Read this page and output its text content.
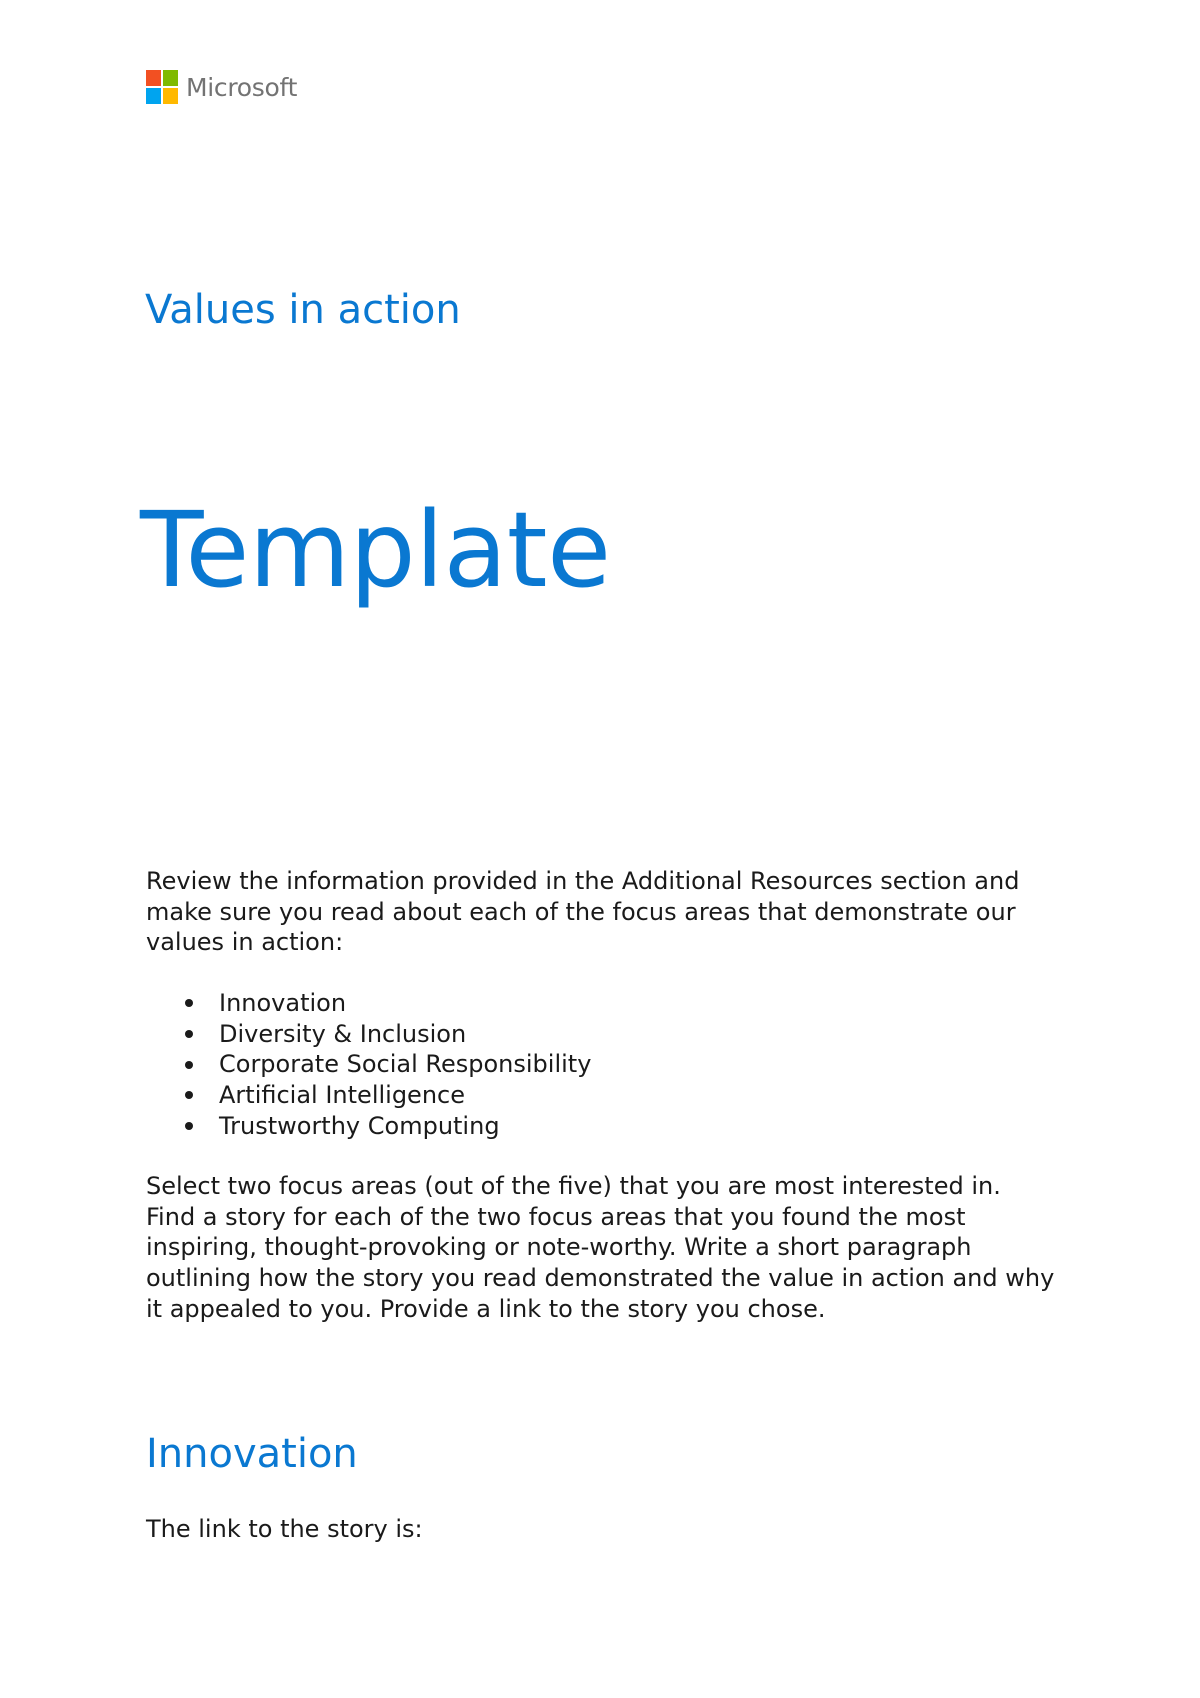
Microsoft
Values in action
Template

Review the information provided in the Additional Resources section and make sure you read about each of the focus areas that demonstrate our values in action:

Innovation
Diversity & Inclusion
Corporate Social Responsibility
Artificial Intelligence
Trustworthy Computing

Select two focus areas (out of the five) that you are most interested in. Find a story for each of the two focus areas that you found the most inspiring, thought-provoking or note-worthy. Write a short paragraph outlining how the story you read demonstrated the value in action and why it appealed to you. Provide a link to the story you chose.

Innovation

The link to the story is:
